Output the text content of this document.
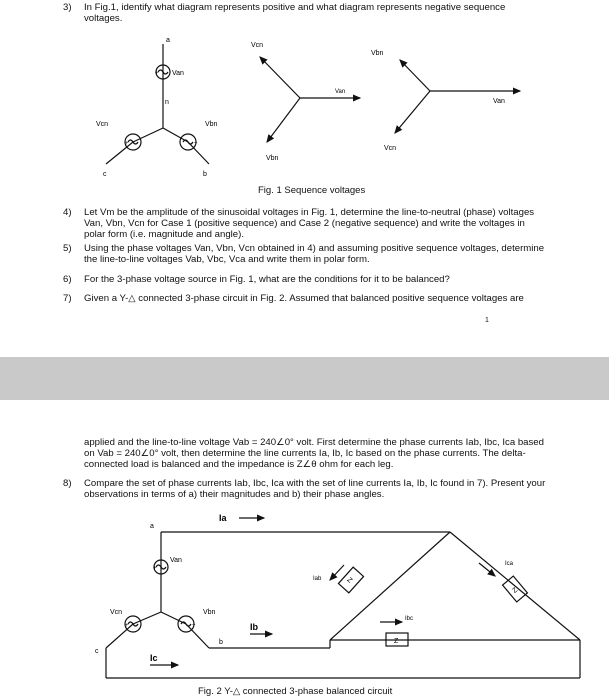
3) In Fig.1, identify what diagram represents positive and what diagram represents negative sequence
voltages.
a
n
b
c
Van
Vbn
Vcn
+
+	+
Vcn
Van
Vbn
Vbn
Van
Vcn
Fig. 1 Sequence voltages
4) Let Vm be the amplitude of the sinusoidal voltages in Fig. 1, determine the line-to-neutral (phase) voltages
Van, Vbn, Vcn for Case 1 (positive sequence) and Case 2 (negative sequence) and write the voltages in
polar form (i.e. magnitude and angle).
5) Using the phase voltages Van, Vbn, Vcn obtained in 4) and assuming positive sequence voltages, determine
the line-to-line voltages Vab, Vbc, Vca and write them in polar form.
6) For the 3-phase voltage source in Fig. 1, what are the conditions for it to be balanced?
7) Given a Y-△ connected 3-phase circuit in Fig. 2. Assumed that balanced positive sequence voltages are
1
applied and the line-to-line voltage Vab = 240∠0° volt. First determine the phase currents Iab, Ibc, Ica based
on Vab = 240∠0° volt, then determine the line currents Ia, Ib, Ic based on the phase currents. The delta-
connected load is balanced and the impedance is Z∠θ ohm for each leg.
8) Compare the set of phase currents Iab, Ibc, Ica with the set of line currents Ia, Ib, Ic found in 7). Present your
observations in terms of a) their magnitudes and b) their phase angles.
+
+	+
a
b
c
Van
Vbn
Vcn
Ia
Ib
Ic
Iab
Ibc
Ica
Z
Z
Z
Fig. 2 Y-△ connected 3-phase balanced circuit
